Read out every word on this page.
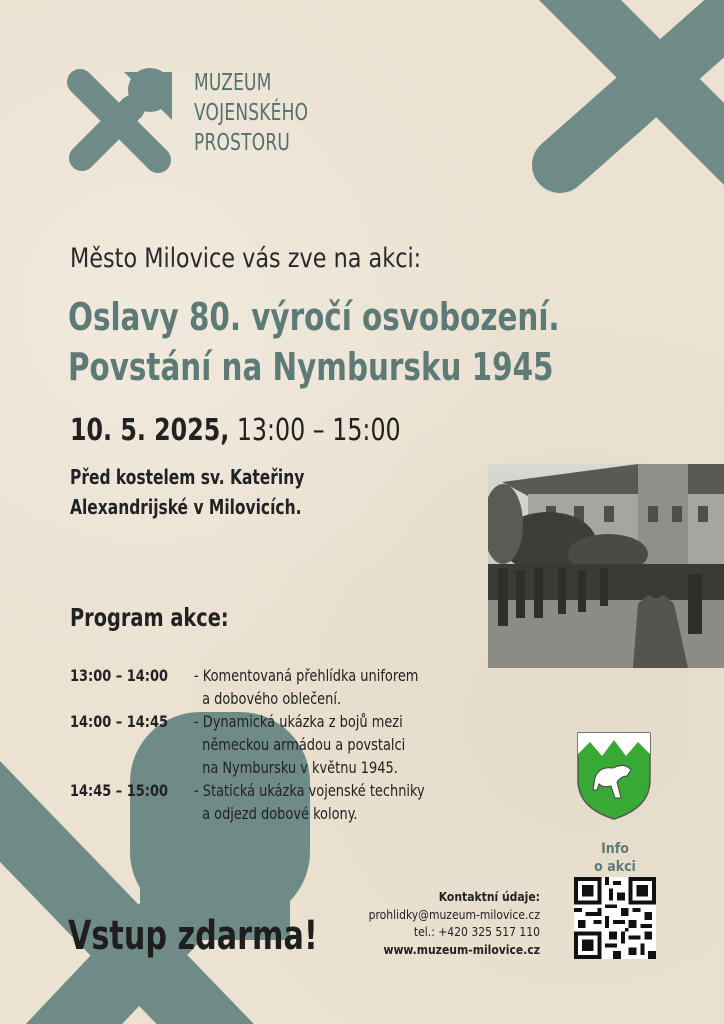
MUZEUM
VOJENSKÉHO
PROSTORU
Město Milovice vás zve na akci:
Oslavy 80. výročí osvobození.
Povstání na Nymbursku 1945
10. 5. 2025, 13:00 – 15:00
Před kostelem sv. Kateřiny
Alexandrijské v Milovicích.
Program akce:
13:00 – 14:00 - Komentovaná přehlídka uniforem
a dobového oblečení.
14:00 – 14:45 - Dynamická ukázka z bojů mezi
německou armádou a povstalci
na Nymbursku v květnu 1945.
14:45 – 15:00 - Statická ukázka vojenské techniky
a odjezd dobové kolony.
Info
o akci
Kontaktní údaje:
prohlidky@muzeum-milovice.cz
tel.: +420 325 517 110
www.muzeum-milovice.cz
Vstup zdarma!
